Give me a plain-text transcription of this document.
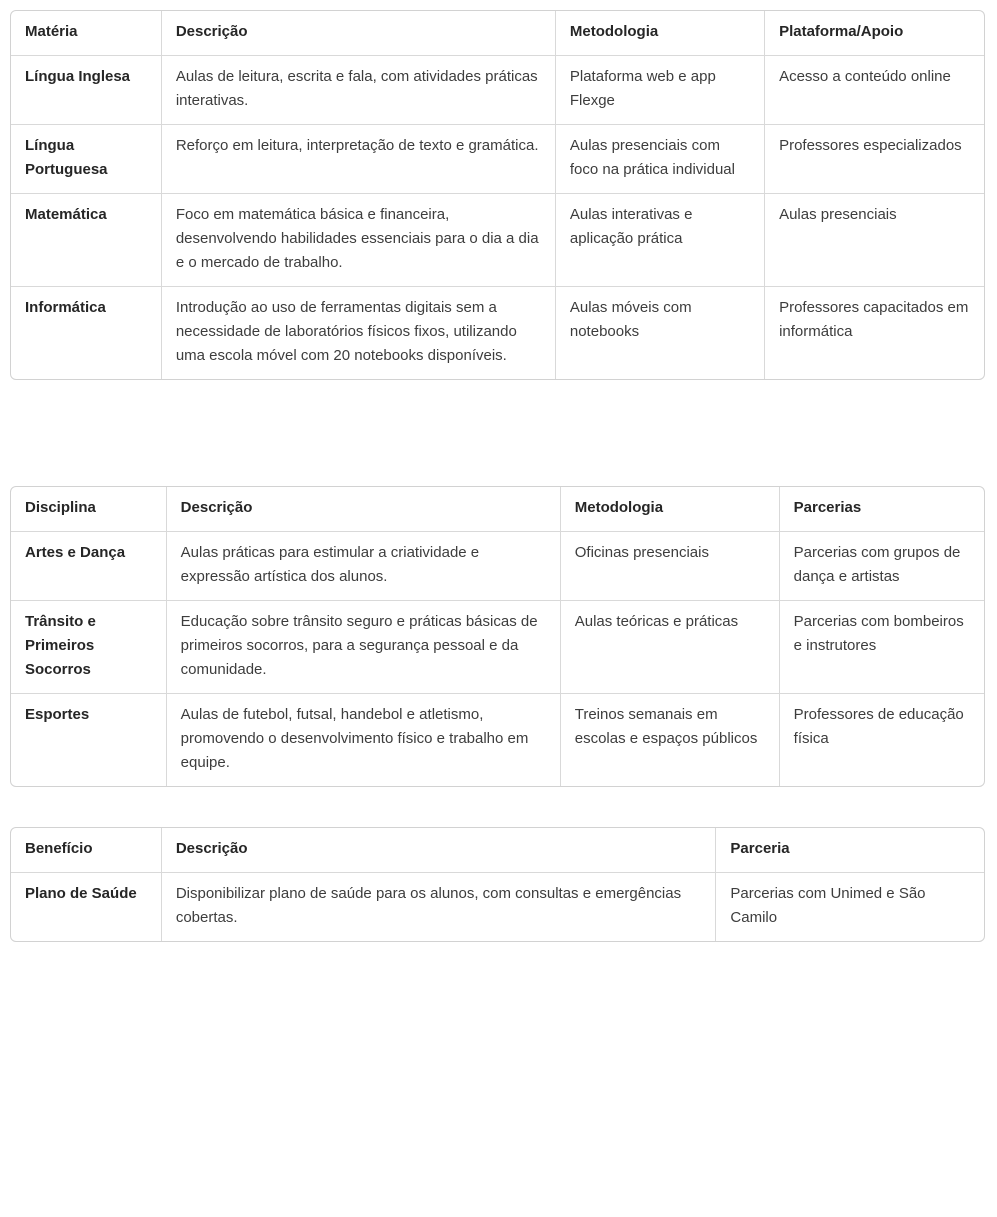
Matéria	Descrição	Metodologia	Plataforma/Apoio
Língua Inglesa	Aulas de leitura, escrita e fala, com atividades práticas interativas.	Plataforma web e app Flexge	Acesso a conteúdo online
Língua Portuguesa	Reforço em leitura, interpretação de texto e gramática.	Aulas presenciais com foco na prática individual	Professores especializados
Matemática	Foco em matemática básica e financeira, desenvolvendo habilidades essenciais para o dia a dia e o mercado de trabalho.	Aulas interativas e aplicação prática	Aulas presenciais
Informática	Introdução ao uso de ferramentas digitais sem a necessidade de laboratórios físicos fixos, utilizando uma escola móvel com 20 notebooks disponíveis.	Aulas móveis com notebooks	Professores capacitados em informática
Disciplina	Descrição	Metodologia	Parcerias
Artes e Dança	Aulas práticas para estimular a criatividade e expressão artística dos alunos.	Oficinas presenciais	Parcerias com grupos de dança e artistas
Trânsito e Primeiros Socorros	Educação sobre trânsito seguro e práticas básicas de primeiros socorros, para a segurança pessoal e da comunidade.	Aulas teóricas e práticas	Parcerias com bombeiros e instrutores
Esportes	Aulas de futebol, futsal, handebol e atletismo, promovendo o desenvolvimento físico e trabalho em equipe.	Treinos semanais em escolas e espaços públicos	Professores de educação física
Benefício	Descrição	Parceria
Plano de Saúde	Disponibilizar plano de saúde para os alunos, com consultas e emergências cobertas.	Parcerias com Unimed e São Camilo
